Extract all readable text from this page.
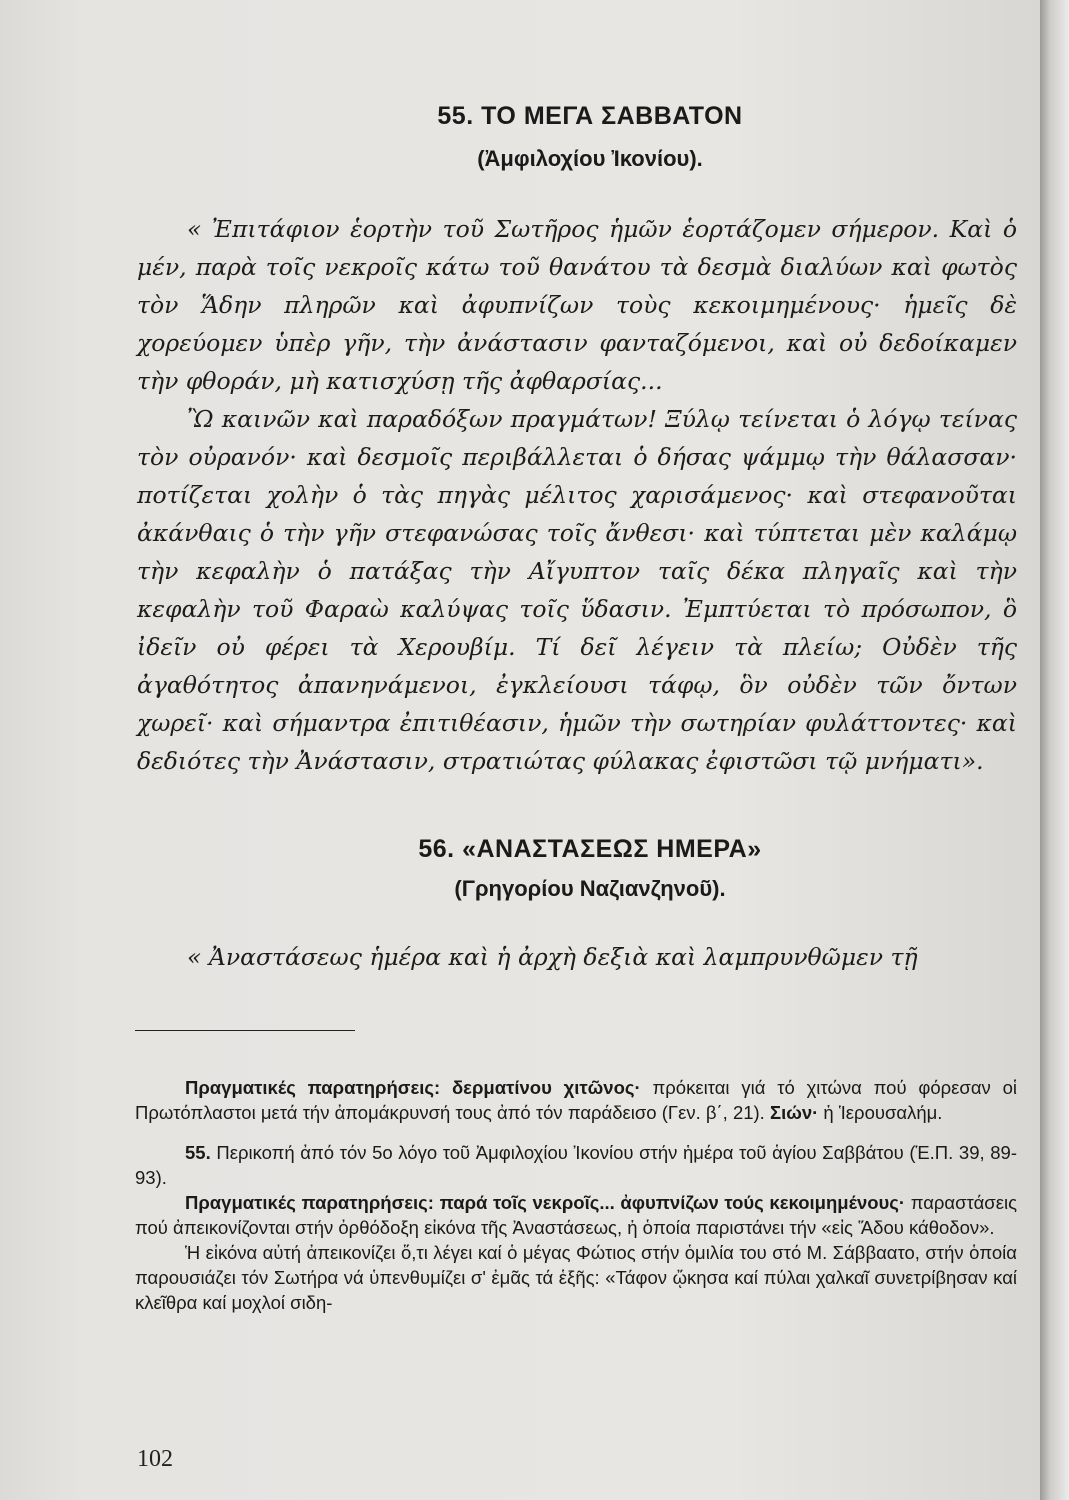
55. ΤΟ ΜΕΓΑ ΣΑΒΒΑΤΟΝ
(Ἀμφιλοχίου Ἰκονίου).

« Ἐπιτάφιον ἑορτὴν τοῦ Σωτῆρος ἡμῶν ἑορτάζομεν σήμερον. Καὶ ὁ μέν, παρὰ τοῖς νεκροῖς κάτω τοῦ θανάτου τὰ δεσμὰ διαλύων καὶ φωτὸς τὸν Ἅδην πληρῶν καὶ ἀφυπνίζων τοὺς κεκοιμημένους· ἡμεῖς δὲ χορεύομεν ὑπὲρ γῆν, τὴν ἀνάστασιν φανταζόμενοι, καὶ οὐ δεδοίκαμεν τὴν φθοράν, μὴ κατισχύσῃ τῆς ἀφθαρσίας...

Ὢ καινῶν καὶ παραδόξων πραγμάτων! Ξύλῳ τείνεται ὁ λόγῳ τείνας τὸν οὐρανόν· καὶ δεσμοῖς περιβάλλεται ὁ δήσας ψάμμῳ τὴν θάλασσαν· ποτίζεται χολὴν ὁ τὰς πηγὰς μέλιτος χαρισάμενος· καὶ στεφανοῦται ἀκάνθαις ὁ τὴν γῆν στεφανώσας τοῖς ἄνθεσι· καὶ τύπτεται μὲν καλάμῳ τὴν κεφαλὴν ὁ πατάξας τὴν Αἴγυπτον ταῖς δέκα πληγαῖς καὶ τὴν κεφαλὴν τοῦ Φαραὼ καλύψας τοῖς ὕδασιν. Ἐμπτύεται τὸ πρόσωπον, ὃ ἰδεῖν οὐ φέρει τὰ Χερουβίμ. Τί δεῖ λέγειν τὰ πλείω; Οὐδὲν τῆς ἀγαθότητος ἀπανηνάμενοι, ἐγκλείουσι τάφῳ, ὃν οὐδὲν τῶν ὄντων χωρεῖ· καὶ σήμαντρα ἐπιτιθέασιν, ἡμῶν τὴν σωτηρίαν φυλάττοντες· καὶ δεδιότες τὴν Ἀνάστασιν, στρατιώτας φύλακας ἐφιστῶσι τῷ μνήματι».

56. «ΑΝΑΣΤΑΣΕΩΣ ΗΜΕΡΑ»
(Γρηγορίου Ναζιανζηνοῦ).

« Ἀναστάσεως ἡμέρα καὶ ἡ ἀρχὴ δεξιὰ καὶ λαμπρυνθῶμεν τῇ

Πραγματικές παρατηρήσεις: δερματίνου χιτῶνος· πρόκειται γιά τό χιτώνα πού φόρεσαν οἱ Πρωτόπλαστοι μετά τήν ἀπομάκρυνσή τους ἀπό τόν παράδεισο (Γεν. β΄, 21). Σιών· ἡ Ἱερουσαλήμ.

55. Περικοπή ἀπό τόν 5ο λόγο τοῦ Ἀμφιλοχίου Ἰκονίου στήν ἡμέρα τοῦ ἁγίου Σαββάτου (Ἑ.Π. 39, 89-93).

Πραγματικές παρατηρήσεις: παρά τοῖς νεκροῖς... ἀφυπνίζων τούς κεκοιμημένους· παραστάσεις πού ἀπεικονίζονται στήν ὀρθόδοξη εἰκόνα τῆς Ἀναστάσεως, ἡ ὁποία παριστάνει τήν «εἰς Ἅδου κάθοδον».

Ἡ εἰκόνα αὐτή ἀπεικονίζει ὅ,τι λέγει καί ὁ μέγας Φώτιος στήν ὁμιλία του στό Μ. Σάββαατο, στήν ὁποία παρουσιάζει τόν Σωτήρα νά ὑπενθυμίζει σ' ἐμᾶς τά ἑξῆς: «Τάφον ᾤκησα καί πύλαι χαλκαῖ συνετρίβησαν καί κλεῖθρα καί μοχλοί σιδη-

102
